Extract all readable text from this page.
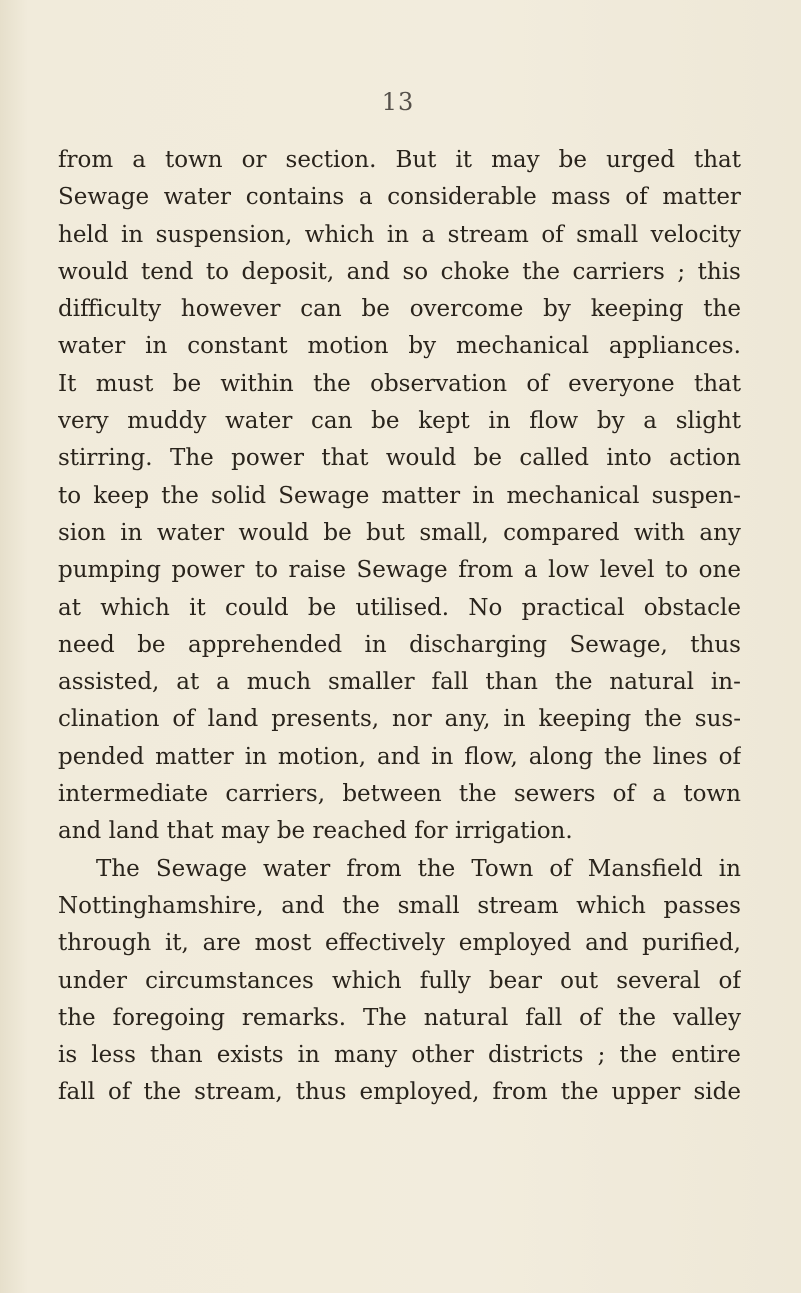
13
from a town or section. But it may be urged that
Sewage water contains a considerable mass of matter
held in suspension, which in a stream of small velocity
would tend to deposit, and so choke the carriers ; this
difficulty however can be overcome by keeping the
water in constant motion by mechanical appliances.
It must be within the observation of everyone that
very muddy water can be kept in flow by a slight
stirring. The power that would be called into action
to keep the solid Sewage matter in mechanical suspen-
sion in water would be but small, compared with any
pumping power to raise Sewage from a low level to one
at which it could be utilised. No practical obstacle
need be apprehended in discharging Sewage, thus
assisted, at a much smaller fall than the natural in-
clination of land presents, nor any, in keeping the sus-
pended matter in motion, and in flow, along the lines of
intermediate carriers, between the sewers of a town
and land that may be reached for irrigation.
The Sewage water from the Town of Mansfield in
Nottinghamshire, and the small stream which passes
through it, are most effectively employed and purified,
under circumstances which fully bear out several of
the foregoing remarks. The natural fall of the valley
is less than exists in many other districts ; the entire
fall of the stream, thus employed, from the upper side
